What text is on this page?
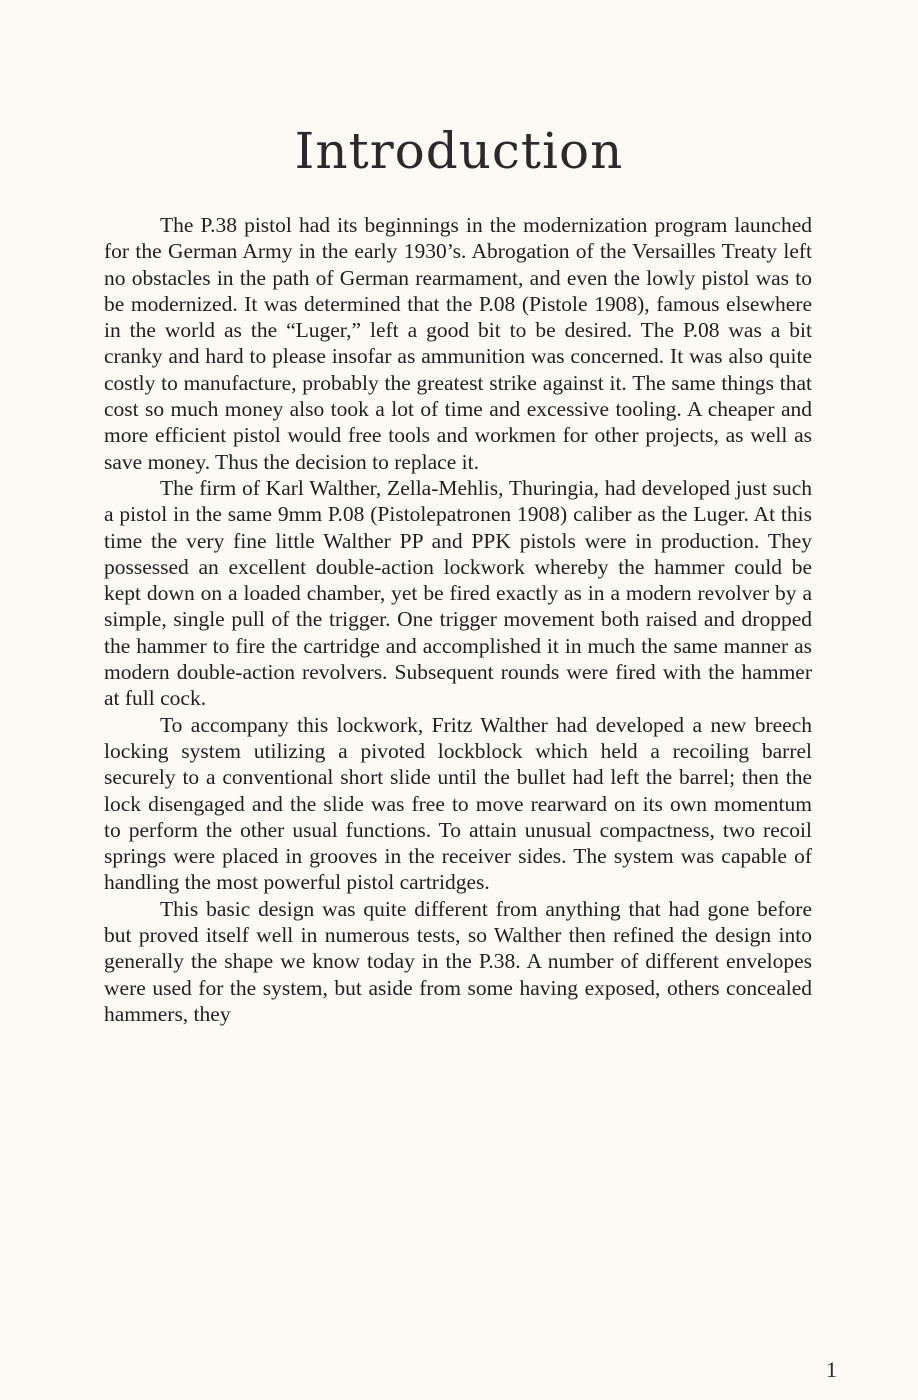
Introduction

The P.38 pistol had its beginnings in the modernization program launched for the German Army in the early 1930’s. Abrogation of the Versailles Treaty left no obstacles in the path of German rearmament, and even the lowly pistol was to be modernized. It was determined that the P.08 (Pistole 1908), famous elsewhere in the world as the “Luger,” left a good bit to be desired. The P.08 was a bit cranky and hard to please insofar as ammunition was concerned. It was also quite costly to manufacture, probably the greatest strike against it. The same things that cost so much money also took a lot of time and excessive tooling. A cheaper and more efficient pistol would free tools and workmen for other projects, as well as save money. Thus the decision to replace it.

The firm of Karl Walther, Zella-Mehlis, Thuringia, had developed just such a pistol in the same 9mm P.08 (Pistolepatronen 1908) caliber as the Luger. At this time the very fine little Walther PP and PPK pistols were in production. They possessed an excellent double-action lockwork whereby the hammer could be kept down on a loaded chamber, yet be fired exactly as in a modern revolver by a simple, single pull of the trigger. One trigger movement both raised and dropped the hammer to fire the cartridge and accomplished it in much the same manner as modern double-action revolvers. Subsequent rounds were fired with the hammer at full cock.

To accompany this lockwork, Fritz Walther had developed a new breech locking system utilizing a pivoted lockblock which held a recoiling barrel securely to a conventional short slide until the bullet had left the barrel; then the lock disengaged and the slide was free to move rearward on its own momentum to perform the other usual functions. To attain unusual compactness, two recoil springs were placed in grooves in the receiver sides. The system was capable of handling the most powerful pistol cartridges.

This basic design was quite different from anything that had gone before but proved itself well in numerous tests, so Walther then refined the design into generally the shape we know today in the P.38. A number of different envelopes were used for the system, but aside from some having exposed, others concealed hammers, they

1
